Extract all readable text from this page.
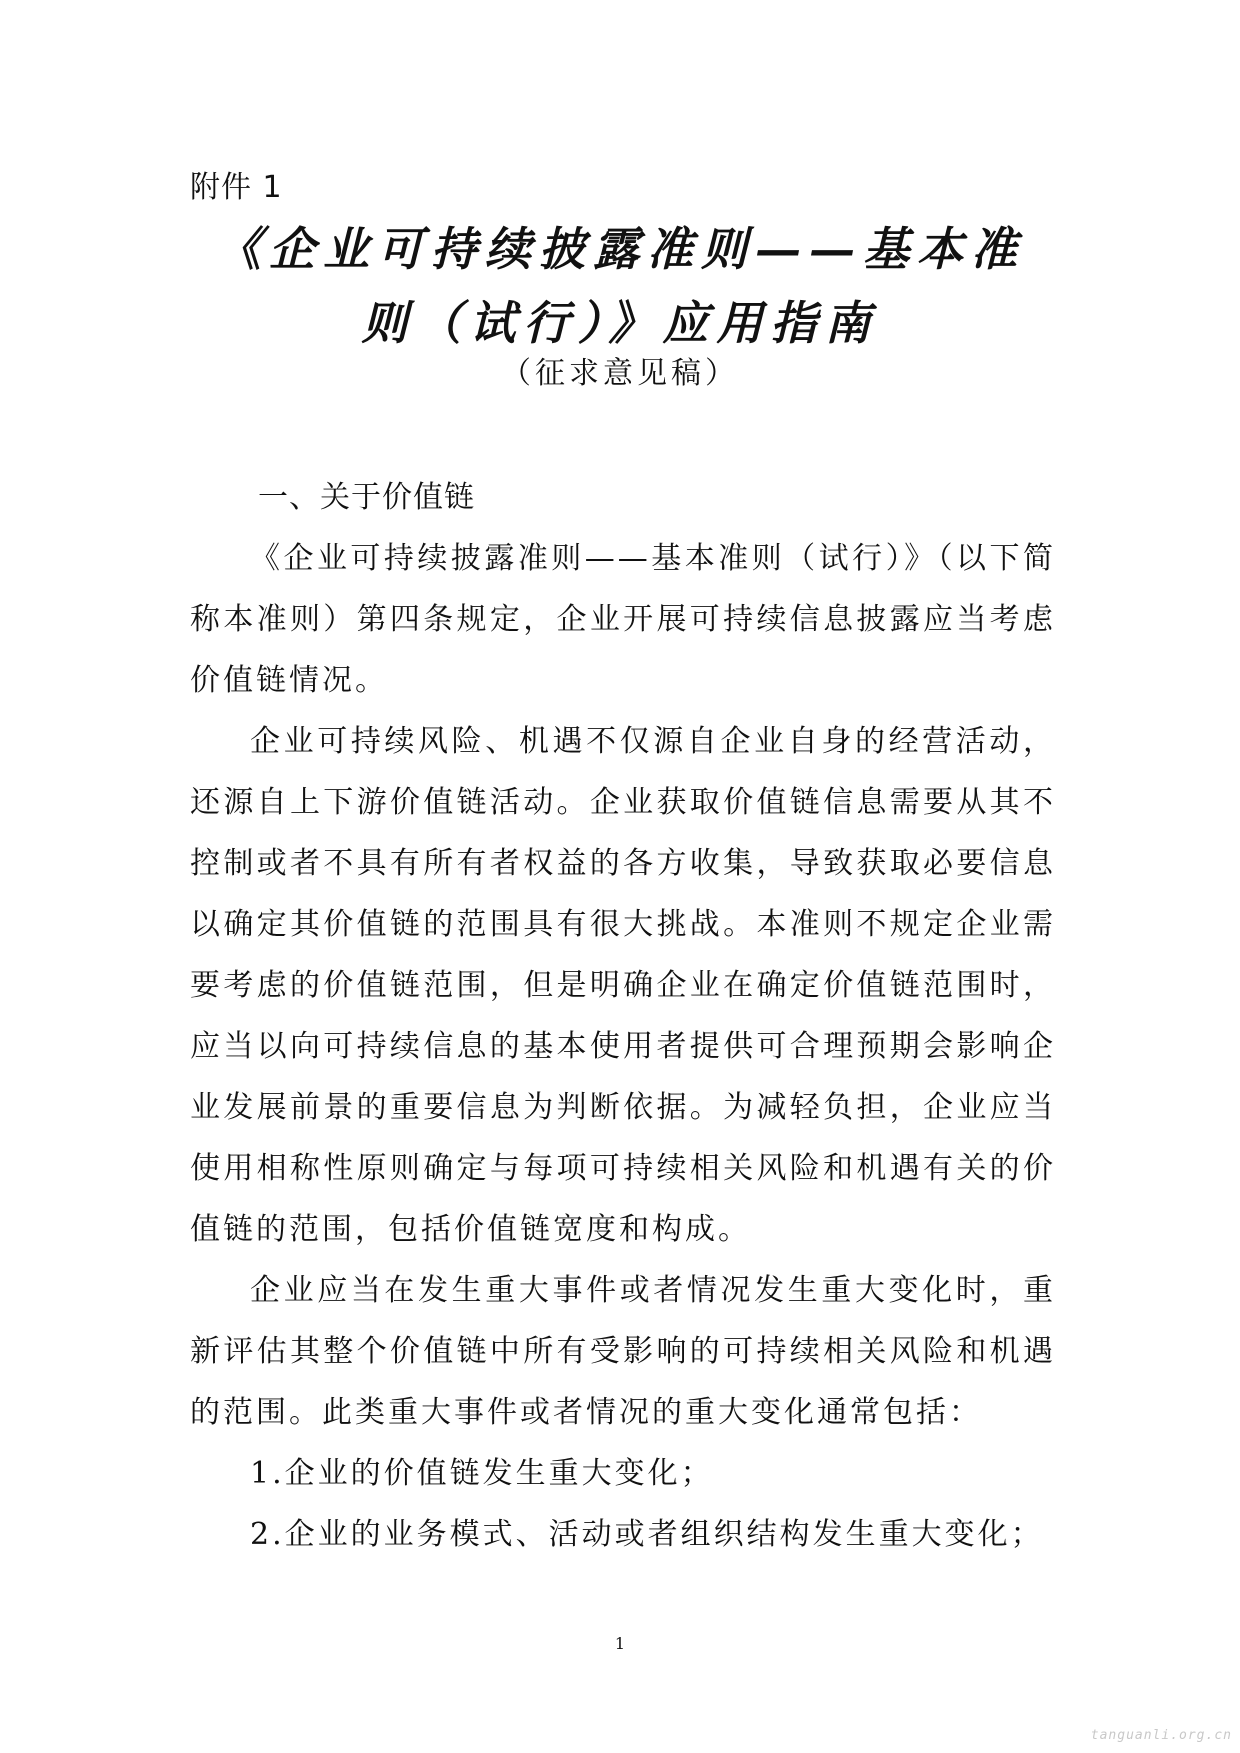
附件 1
《企业可持续披露准则——基本准则（试行）》应用指南
（征求意见稿）
一、关于价值链

《企业可持续披露准则——基本准则（试行）》（以下简称本准则）第四条规定，企业开展可持续信息披露应当考虑价值链情况。

企业可持续风险、机遇不仅源自企业自身的经营活动，还源自上下游价值链活动。企业获取价值链信息需要从其不控制或者不具有所有者权益的各方收集，导致获取必要信息以确定其价值链的范围具有很大挑战。本准则不规定企业需要考虑的价值链范围，但是明确企业在确定价值链范围时，应当以向可持续信息的基本使用者提供可合理预期会影响企业发展前景的重要信息为判断依据。为减轻负担，企业应当使用相称性原则确定与每项可持续相关风险和机遇有关的价值链的范围，包括价值链宽度和构成。

企业应当在发生重大事件或者情况发生重大变化时，重新评估其整个价值链中所有受影响的可持续相关风险和机遇的范围。此类重大事件或者情况的重大变化通常包括：

1.企业的价值链发生重大变化；

2.企业的业务模式、活动或者组织结构发生重大变化；

1
tanguanli.org.cn
